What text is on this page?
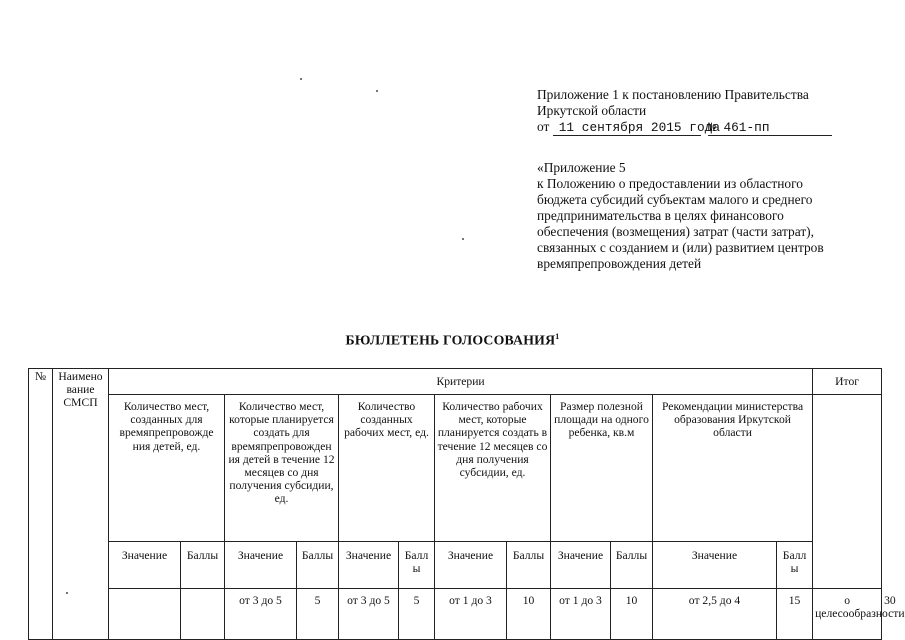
Приложение 1 к постановлению Правительства
Иркутской области
от 11 сентября 2015 года № 461-пп
«Приложение 5
к Положению о предоставлении из областного
бюджета субсидий субъектам малого и среднего
предпринимательства в целях финансового
обеспечения (возмещения) затрат (части затрат),
связанных с созданием и (или) развитием центров
времяпрепровождения детей
БЮЛЛЕТЕНЬ ГОЛОСОВАНИЯ$^1$
№	Наимено вание СМСП	Критерии												Итог	
		Количество мест, созданных для времяпрепровожде ния детей, ед.		Количество мест, которые планируется создать для времяпрепровожден ия детей в течение 12 месяцев со дня получения субсидии, ед.		Количество созданных рабочих мест, ед.		Количество рабочих мест, которые планируется создать в течение 12 месяцев со дня получения субсидии, ед.		Размер полезной площади на одного ребенка, кв.м		Рекомендации министерства образования Иркутской области			
		Значение	Баллы	Значение	Баллы	Значение	Балл ы	Значение	Баллы	Значение	Баллы	Значение	Балл ы		
				от 3 до 5	5	от 3 до 5	5	от 1 до 3	10	от 1 до 3	10	от 2,5 до 4	15	о целесообразности	30	
